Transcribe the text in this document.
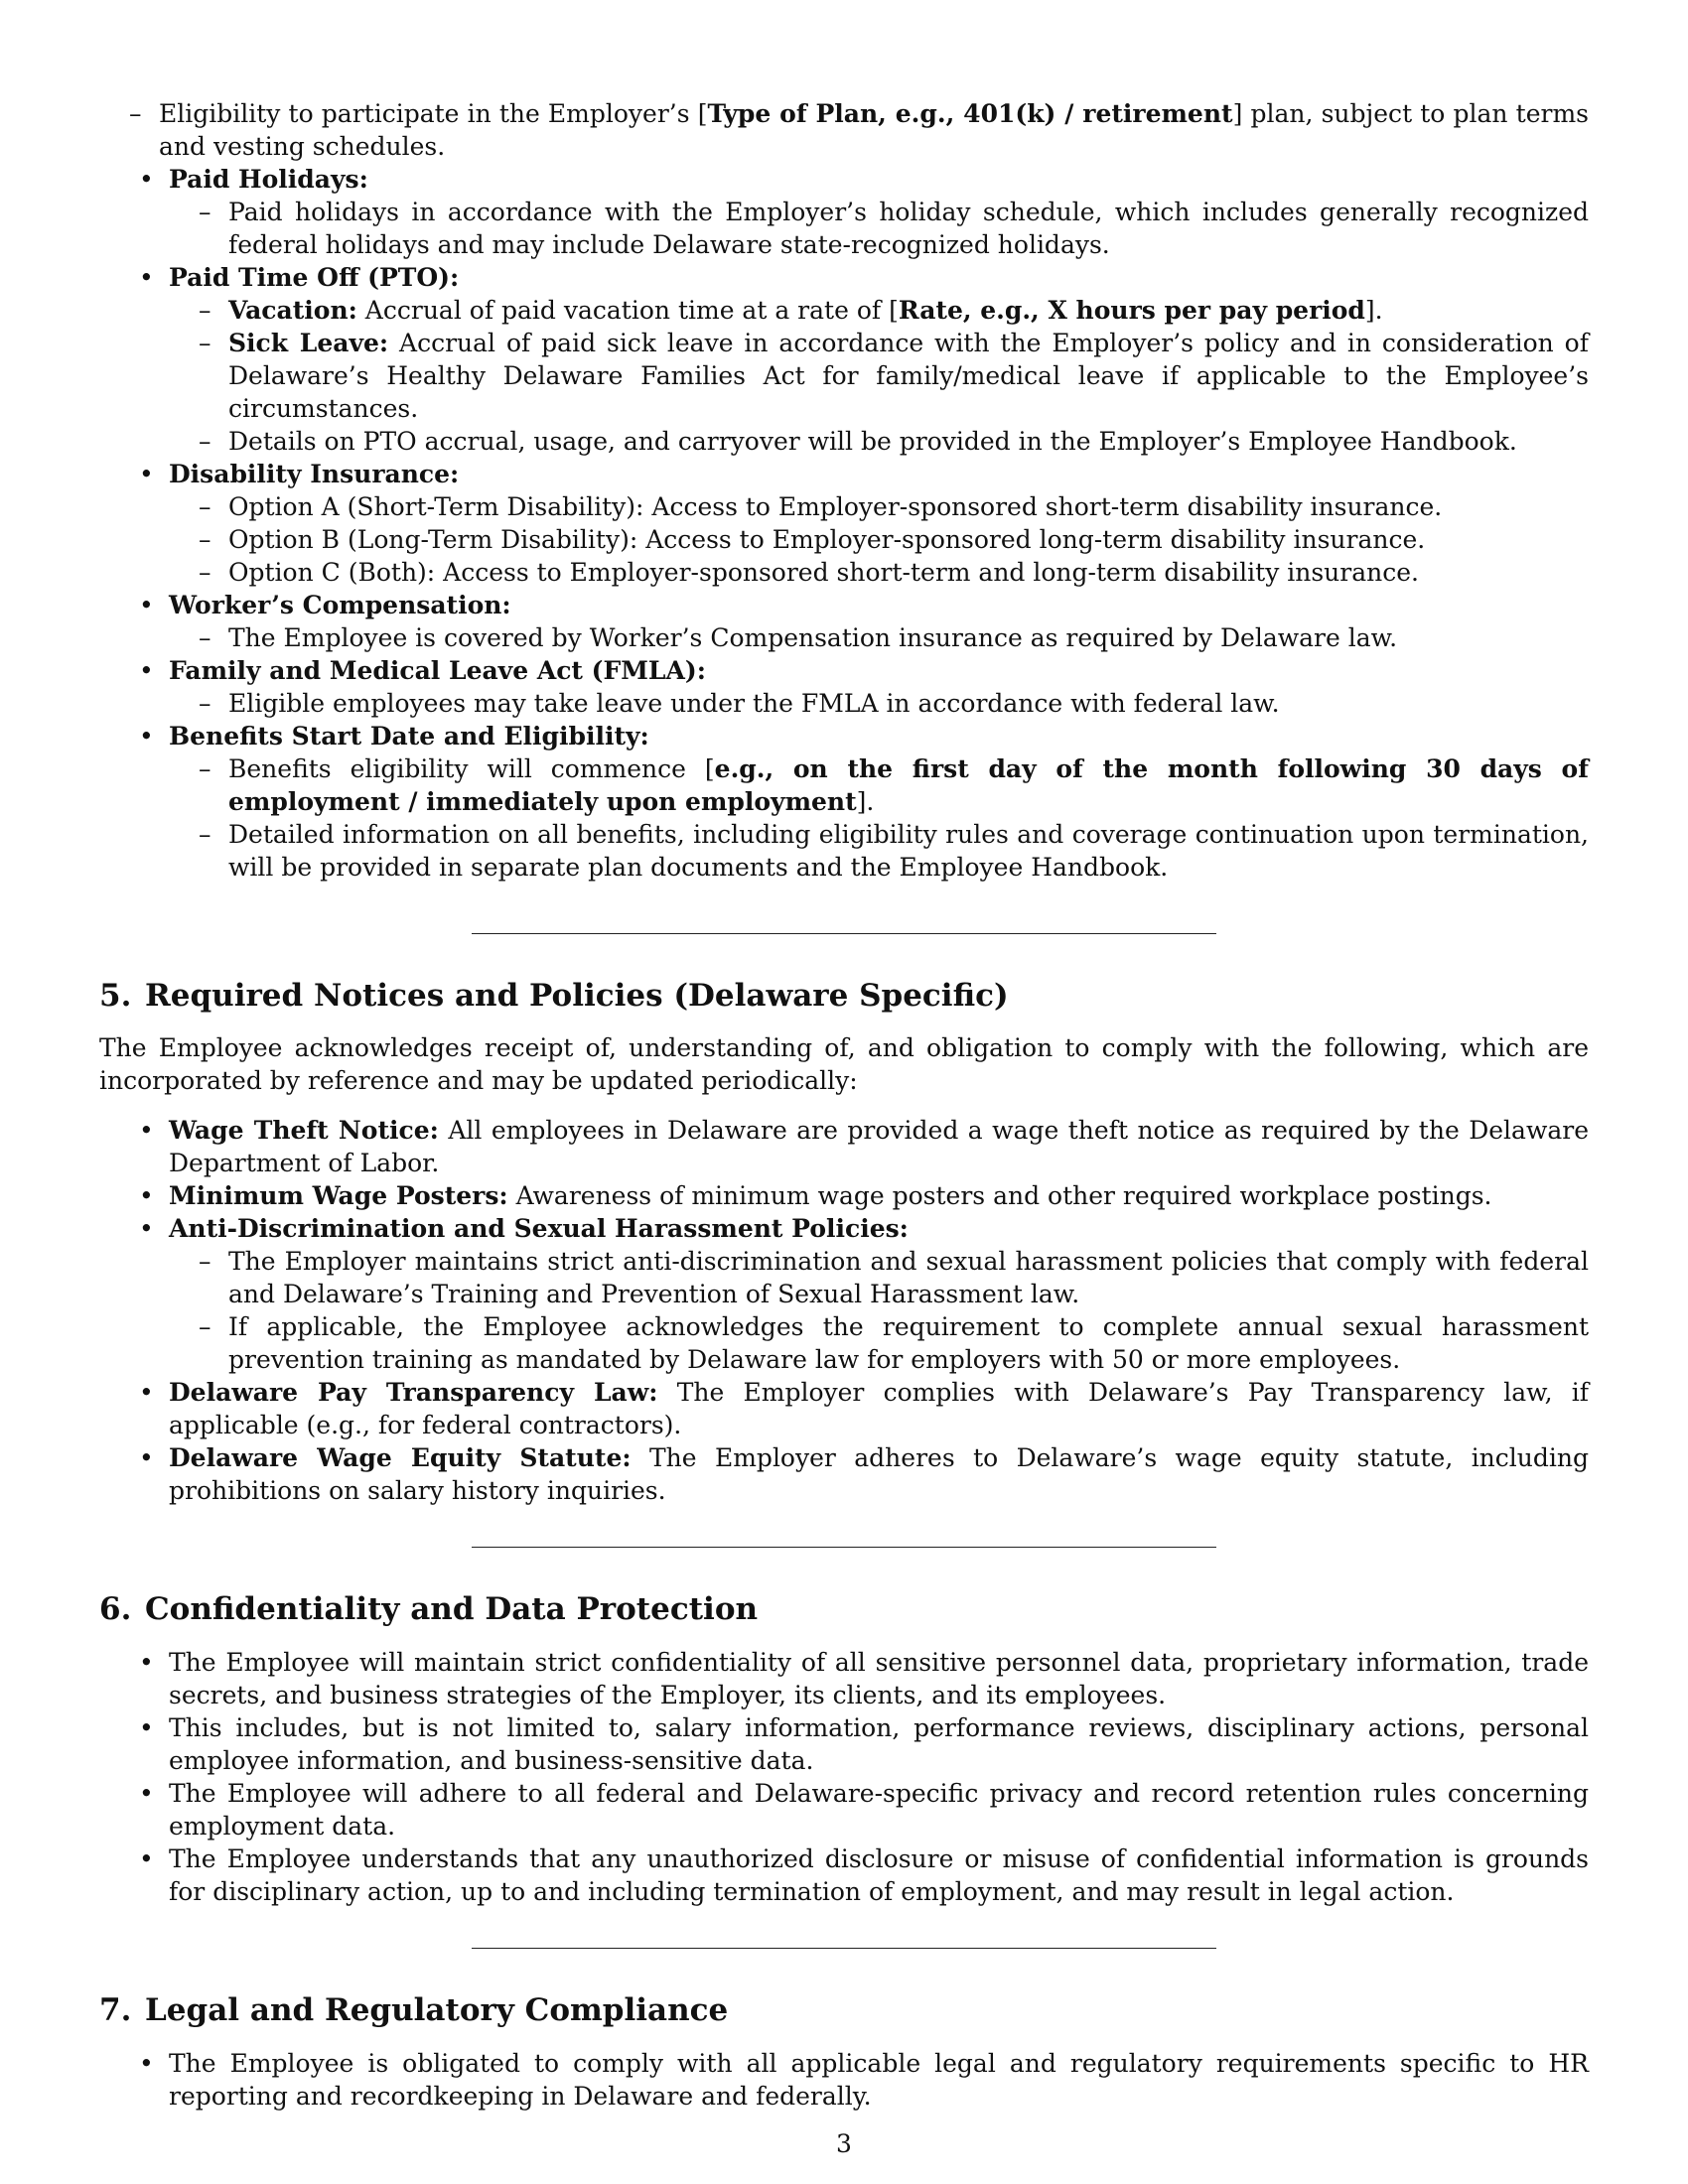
– Eligibility to participate in the Employer’s [Type of Plan, e.g., 401(k) / retirement] plan, subject to plan terms and vesting schedules.
• Paid Holidays:
– Paid holidays in accordance with the Employer’s holiday schedule, which includes generally recognized federal holidays and may include Delaware state-recognized holidays.
• Paid Time Off (PTO):
– Vacation: Accrual of paid vacation time at a rate of [Rate, e.g., X hours per pay period].
– Sick Leave: Accrual of paid sick leave in accordance with the Employer’s policy and in consideration of Delaware’s Healthy Delaware Families Act for family/medical leave if applicable to the Employee’s circumstances.
– Details on PTO accrual, usage, and carryover will be provided in the Employer’s Employee Handbook.
• Disability Insurance:
– Option A (Short-Term Disability): Access to Employer-sponsored short-term disability insurance.
– Option B (Long-Term Disability): Access to Employer-sponsored long-term disability insurance.
– Option C (Both): Access to Employer-sponsored short-term and long-term disability insurance.
• Worker’s Compensation:
– The Employee is covered by Worker’s Compensation insurance as required by Delaware law.
• Family and Medical Leave Act (FMLA):
– Eligible employees may take leave under the FMLA in accordance with federal law.
• Benefits Start Date and Eligibility:
– Benefits eligibility will commence [e.g., on the first day of the month following 30 days of employment / immediately upon employment].
– Detailed information on all benefits, including eligibility rules and coverage continuation upon termination, will be provided in separate plan documents and the Employee Handbook.
5. Required Notices and Policies (Delaware Specific)
The Employee acknowledges receipt of, understanding of, and obligation to comply with the following, which are incorporated by reference and may be updated periodically:
• Wage Theft Notice: All employees in Delaware are provided a wage theft notice as required by the Delaware Department of Labor.
• Minimum Wage Posters: Awareness of minimum wage posters and other required workplace postings.
• Anti-Discrimination and Sexual Harassment Policies:
– The Employer maintains strict anti-discrimination and sexual harassment policies that comply with federal and Delaware’s Training and Prevention of Sexual Harassment law.
– If applicable, the Employee acknowledges the requirement to complete annual sexual harassment prevention training as mandated by Delaware law for employers with 50 or more employees.
• Delaware Pay Transparency Law: The Employer complies with Delaware’s Pay Transparency law, if applicable (e.g., for federal contractors).
• Delaware Wage Equity Statute: The Employer adheres to Delaware’s wage equity statute, including prohibitions on salary history inquiries.
6. Confidentiality and Data Protection
• The Employee will maintain strict confidentiality of all sensitive personnel data, proprietary information, trade secrets, and business strategies of the Employer, its clients, and its employees.
• This includes, but is not limited to, salary information, performance reviews, disciplinary actions, personal employee information, and business-sensitive data.
• The Employee will adhere to all federal and Delaware-specific privacy and record retention rules concerning employment data.
• The Employee understands that any unauthorized disclosure or misuse of confidential information is grounds for disciplinary action, up to and including termination of employment, and may result in legal action.
7. Legal and Regulatory Compliance
• The Employee is obligated to comply with all applicable legal and regulatory requirements specific to HR reporting and recordkeeping in Delaware and federally.
3
